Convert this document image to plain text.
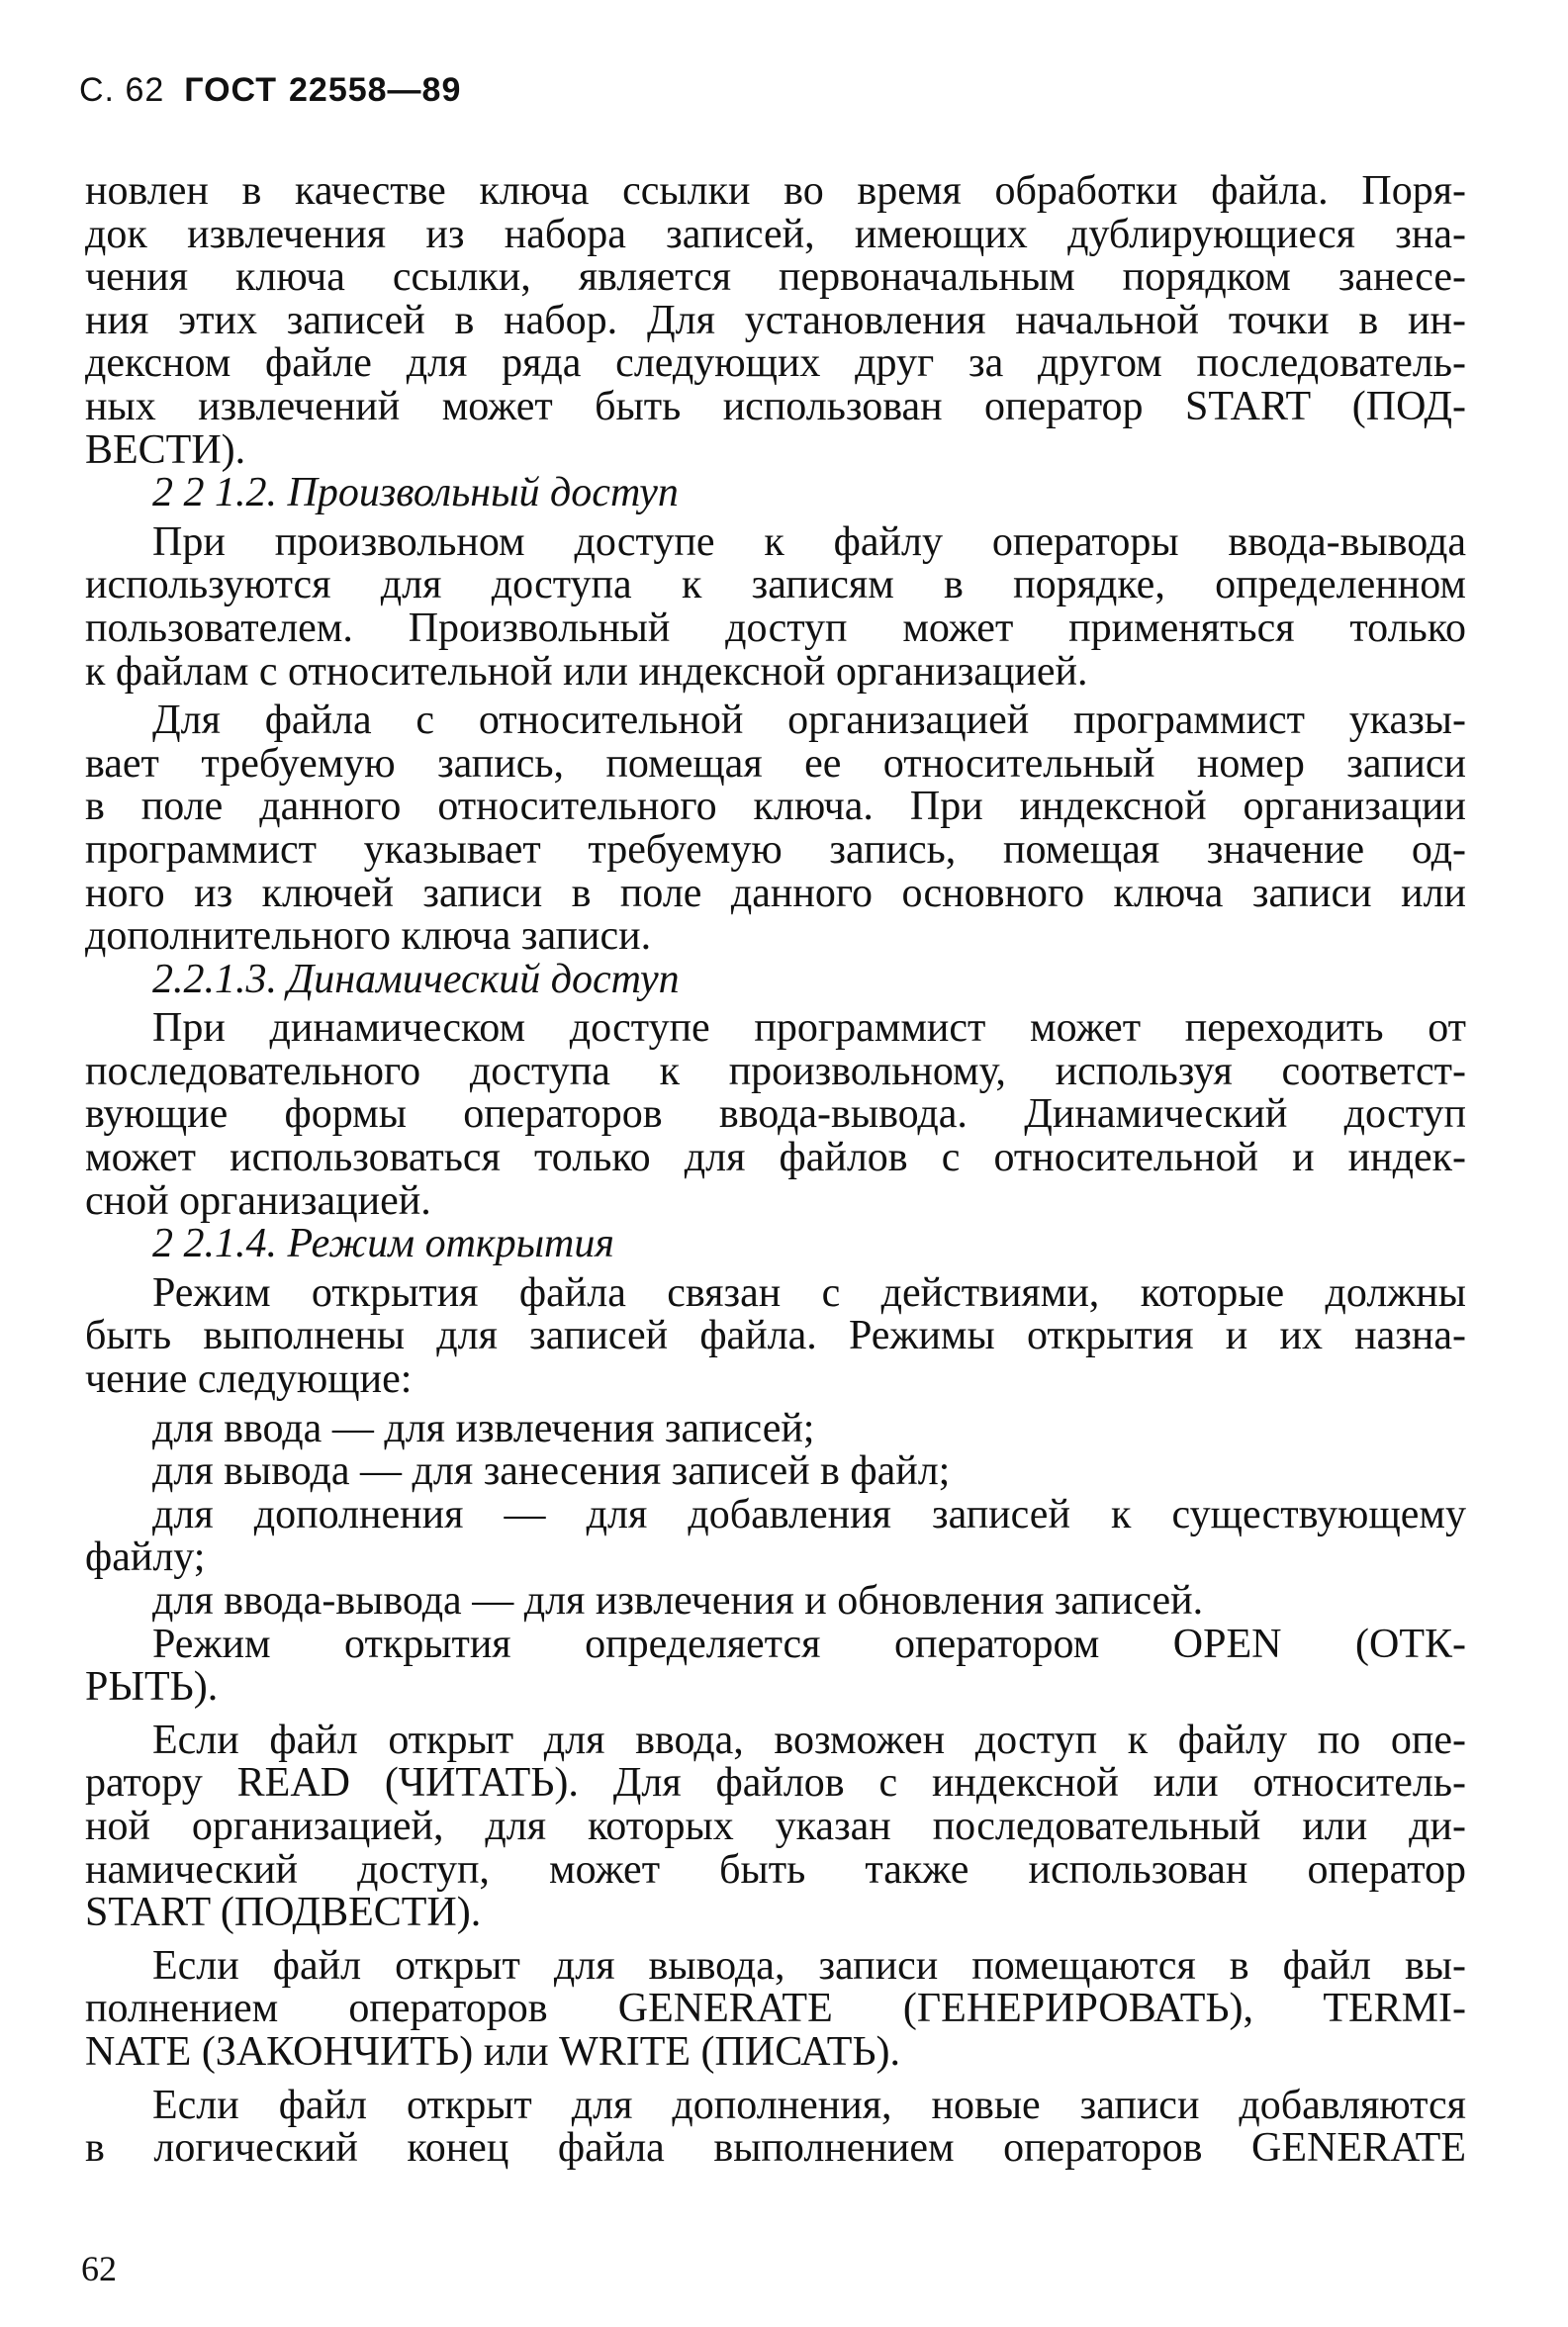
С. 62 ГОСТ 22558—89
новлен в качестве ключа ссылки во время обработки файла. Поря-
док извлечения из набора записей, имеющих дублирующиеся зна-
чения ключа ссылки, является первоначальным порядком занесе-
ния этих записей в набор. Для установления начальной точки в ин-
дексном файле для ряда следующих друг за другом последователь-
ных извлечений может быть использован оператор START (ПОД-
ВЕСТИ).
2 2 1.2. Произвольный доступ
При произвольном доступе к файлу операторы ввода-вывода
используются для доступа к записям в порядке, определенном
пользователем. Произвольный доступ может применяться только
к файлам с относительной или индексной организацией.
Для файла с относительной организацией программист указы-
вает требуемую запись, помещая ее относительный номер записи
в поле данного относительного ключа. При индексной организации
программист указывает требуемую запись, помещая значение од-
ного из ключей записи в поле данного основного ключа записи или
дополнительного ключа записи.
2.2.1.3. Динамический доступ
При динамическом доступе программист может переходить от
последовательного доступа к произвольному, используя соответст-
вующие формы операторов ввода-вывода. Динамический доступ
может использоваться только для файлов с относительной и индек-
сной организацией.
2 2.1.4. Режим открытия
Режим открытия файла связан с действиями, которые должны
быть выполнены для записей файла. Режимы открытия и их назна-
чение следующие:
для ввода — для извлечения записей;
для вывода — для занесения записей в файл;
для дополнения — для добавления записей к существующему
файлу;
для ввода-вывода — для извлечения и обновления записей.
Режим открытия определяется оператором OPEN (ОТК-
РЫТЬ).
Если файл открыт для ввода, возможен доступ к файлу по опе-
ратору READ (ЧИТАТЬ). Для файлов с индексной или относитель-
ной организацией, для которых указан последовательный или ди-
намический доступ, может быть также использован оператор
START (ПОДВЕСТИ).
Если файл открыт для вывода, записи помещаются в файл вы-
полнением операторов GENERATE (ГЕНЕРИРОВАТЬ), TERMI-
NATE (ЗАКОНЧИТЬ) или WRITE (ПИСАТЬ).
Если файл открыт для дополнения, новые записи добавляются
в логический конец файла выполнением операторов GENERATE
62
